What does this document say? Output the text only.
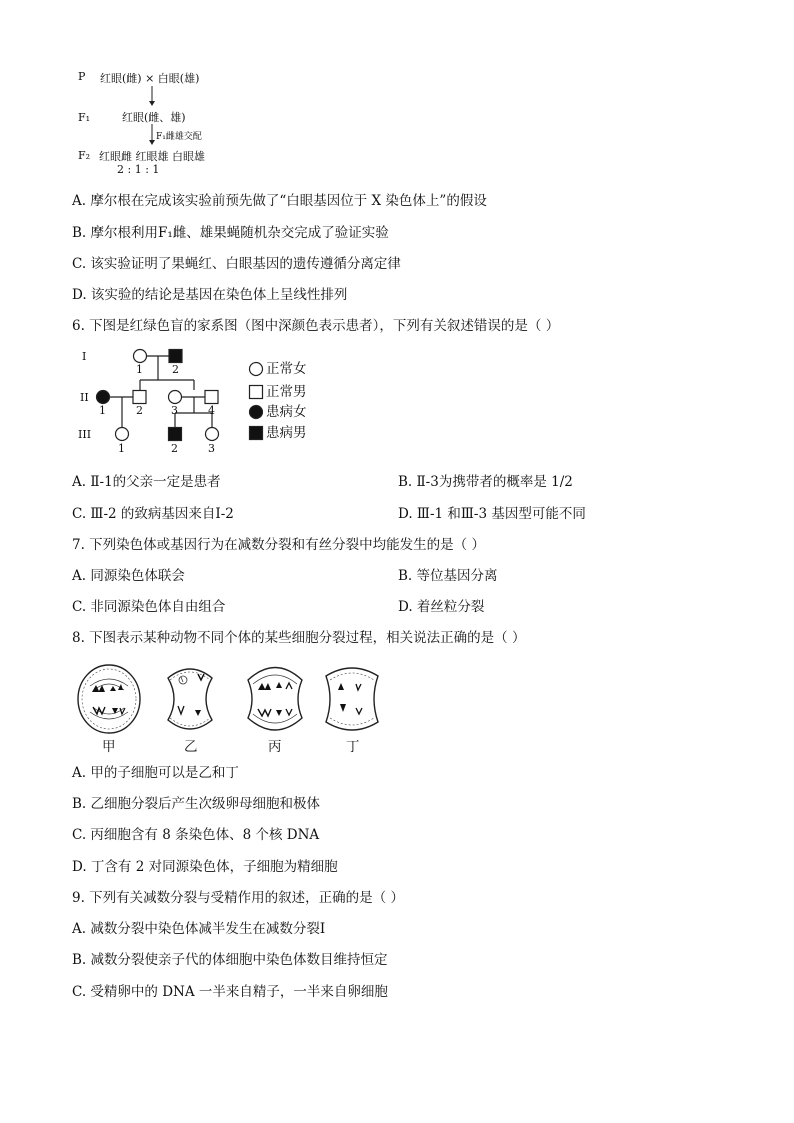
P 红眼(雌) × 白眼(雄)
F₁	红眼(雌、雄)
F₁雌雄交配
F₂ 红眼雌 红眼雄 白眼雄
2 : 1 : 1
A. 摩尔根在完成该实验前预先做了“白眼基因位于 X 染色体上”的假设
B. 摩尔根利用F₁雌、雄果蝇随机杂交完成了验证实验
C. 该实验证明了果蝇红、白眼基因的遗传遵循分离定律
D. 该实验的结论是基因在染色体上呈线性排列
6. 下图是红绿色盲的家系图（图中深颜色表示患者），下列有关叙述错误的是（ ）
I
II
III
1	2
1	2	3	4
1	2	3
正常女
正常男
患病女
患病男
A. Ⅱ-1的父亲一定是患者	B. Ⅱ-3为携带者的概率是 1/2
C. Ⅲ-2 的致病基因来自Ⅰ-2	D. Ⅲ-1 和Ⅲ-3 基因型可能不同
7. 下列染色体或基因行为在减数分裂和有丝分裂中均能发生的是（ ）
A. 同源染色体联会	B. 等位基因分离
C. 非同源染色体自由组合	D. 着丝粒分裂
8. 下图表示某种动物不同个体的某些细胞分裂过程，相关说法正确的是（ ）
甲	乙	丙	丁
A. 甲的子细胞可以是乙和丁
B. 乙细胞分裂后产生次级卵母细胞和极体
C. 丙细胞含有 8 条染色体、8 个核 DNA
D. 丁含有 2 对同源染色体，子细胞为精细胞
9. 下列有关减数分裂与受精作用的叙述，正确的是（ ）
A. 减数分裂中染色体减半发生在减数分裂Ⅰ
B. 减数分裂使亲子代的体细胞中染色体数目维持恒定
C. 受精卵中的 DNA 一半来自精子，一半来自卵细胞
